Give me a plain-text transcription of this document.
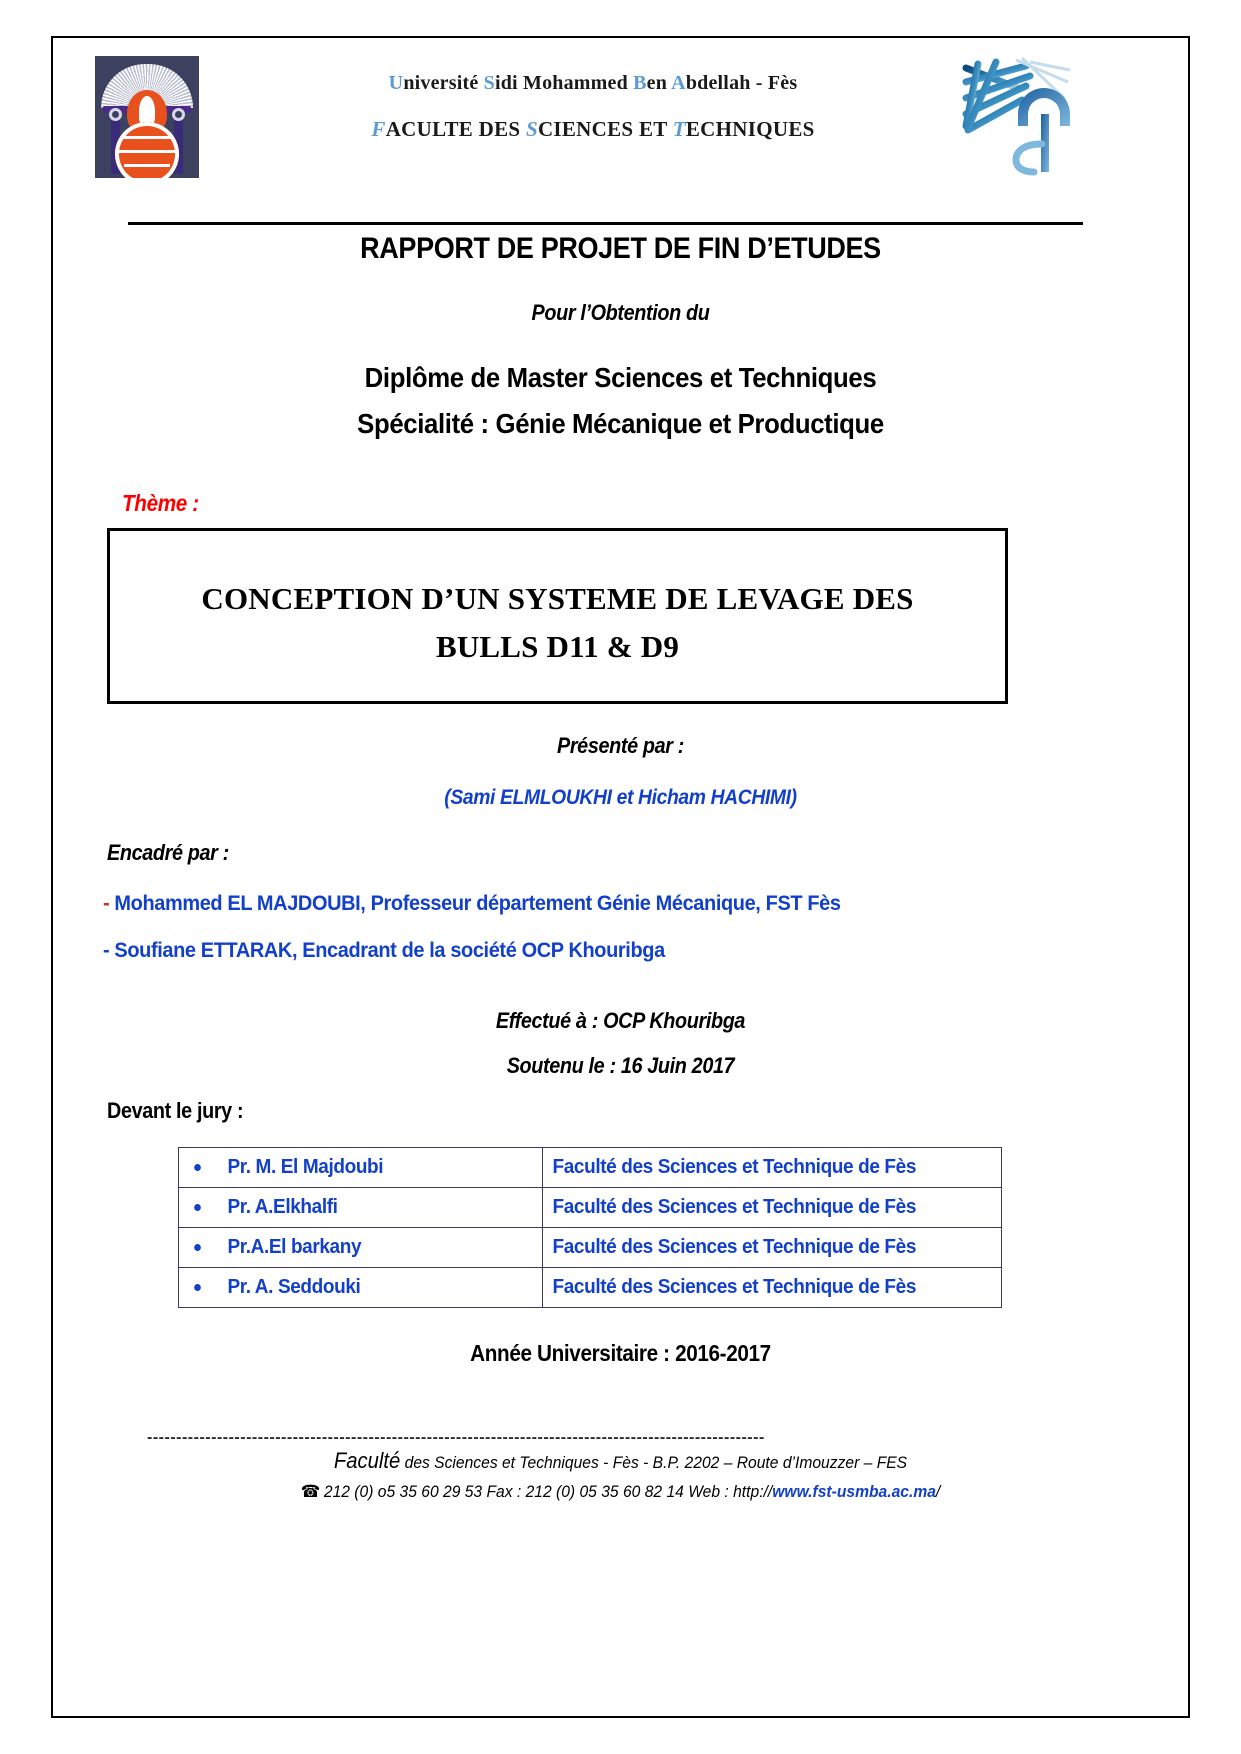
Université Sidi Mohammed Ben Abdellah - Fès
FACULTE DES SCIENCES ET TECHNIQUES
RAPPORT DE PROJET DE FIN D’ETUDES
Pour l’Obtention du
Diplôme de Master Sciences et Techniques
Spécialité : Génie Mécanique et Productique
Thème :
CONCEPTION D’UN SYSTEME DE LEVAGE DES
BULLS D11 & D9
Présenté par :
(Sami ELMLOUKHI et Hicham HACHIMI)
Encadré par :
- Mohammed EL MAJDOUBI, Professeur département Génie Mécanique, FST Fès
- Soufiane ETTARAK, Encadrant de la société OCP Khouribga
Effectué à : OCP Khouribga
Soutenu le : 16 Juin 2017
Devant le jury :
Pr. M. El Majdoubi	Faculté des Sciences et Technique de Fès

Pr. A.Elkhalfi	Faculté des Sciences et Technique de Fès

Pr.A.El barkany	Faculté des Sciences et Technique de Fès

Pr. A. Seddouki	Faculté des Sciences et Technique de Fès
Année Universitaire : 2016-2017
----------------------------------------------------------------------------------------------------------
Faculté des Sciences et Techniques - Fès - B.P. 2202 – Route d’Imouzzer – FES
☎ 212 (0) o5 35 60 29 53 Fax : 212 (0) 05 35 60 82 14 Web : http://www.fst-usmba.ac.ma/
